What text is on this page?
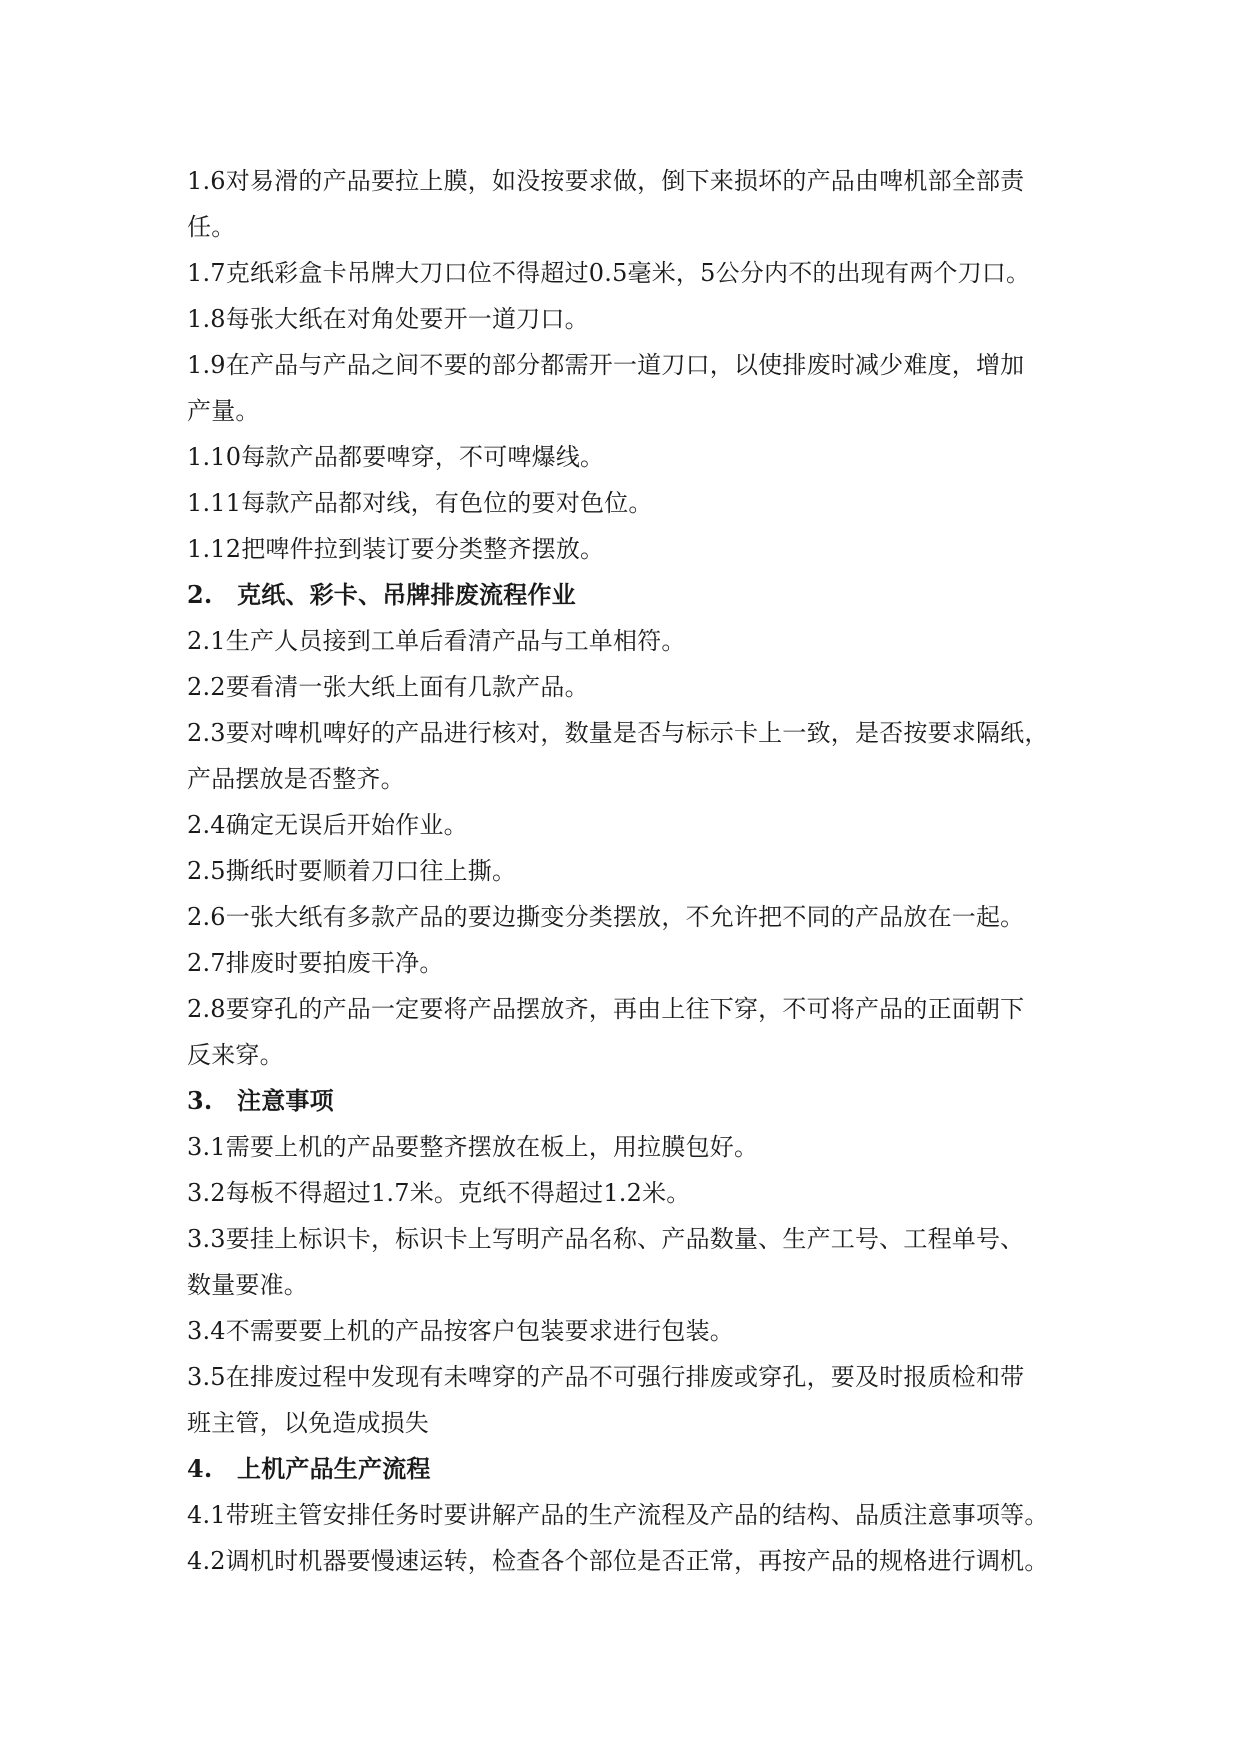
1.6对易滑的产品要拉上膜，如没按要求做，倒下来损坏的产品由啤机部全部责
任。
1.7克纸彩盒卡吊牌大刀口位不得超过0.5毫米，5公分内不的出现有两个刀口。
1.8每张大纸在对角处要开一道刀口。
1.9在产品与产品之间不要的部分都需开一道刀口，以使排废时减少难度，增加
产量。
1.10每款产品都要啤穿，不可啤爆线。
1.11每款产品都对线，有色位的要对色位。
1.12把啤件拉到装订要分类整齐摆放。
2. 克纸、彩卡、吊牌排废流程作业
2.1生产人员接到工单后看清产品与工单相符。
2.2要看清一张大纸上面有几款产品。
2.3要对啤机啤好的产品进行核对，数量是否与标示卡上一致，是否按要求隔纸，
产品摆放是否整齐。
2.4确定无误后开始作业。
2.5撕纸时要顺着刀口往上撕。
2.6一张大纸有多款产品的要边撕变分类摆放，不允许把不同的产品放在一起。
2.7排废时要拍废干净。
2.8要穿孔的产品一定要将产品摆放齐，再由上往下穿，不可将产品的正面朝下
反来穿。
3. 注意事项
3.1需要上机的产品要整齐摆放在板上，用拉膜包好。
3.2每板不得超过1.7米。克纸不得超过1.2米。
3.3要挂上标识卡，标识卡上写明产品名称、产品数量、生产工号、工程单号、
数量要准。
3.4不需要要上机的产品按客户包装要求进行包装。
3.5在排废过程中发现有未啤穿的产品不可强行排废或穿孔，要及时报质检和带
班主管，以免造成损失
4. 上机产品生产流程
4.1带班主管安排任务时要讲解产品的生产流程及产品的结构、品质注意事项等。
4.2调机时机器要慢速运转，检查各个部位是否正常，再按产品的规格进行调机。
